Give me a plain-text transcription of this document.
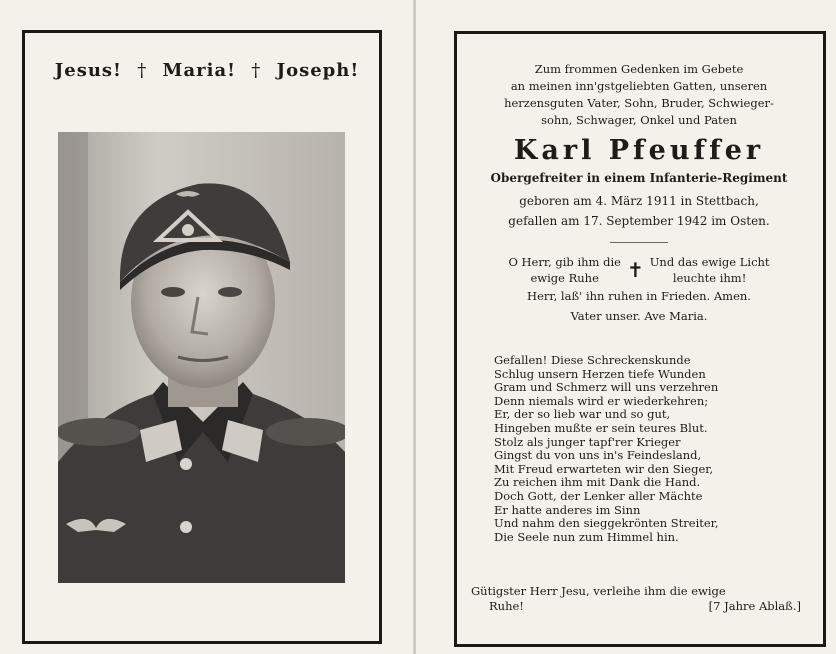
Jesus! † Maria! † Joseph!	Zum frommen Gedenken im Gebete
an meinen inn'gstgeliebten Gatten, unseren
herzensguten Vater, Sohn, Bruder, Schwieger-
sohn, Schwager, Onkel und Paten
Karl Pfeuffer
Obergefreiter in einem Infanterie-Regiment
geboren am 4. März 1911 in Stettbach,
gefallen am 17. September 1942 im Osten.
O Herr, gib ihm die
ewige Ruhe	✝ Und das ewige Licht
leuchte ihm!
Herr, laß' ihn ruhen in Frieden. Amen.
Vater unser. Ave Maria.
Gefallen! Diese Schreckenskunde
Schlug unsern Herzen tiefe Wunden
Gram und Schmerz will uns verzehren
Denn niemals wird er wiederkehren;
Er, der so lieb war und so gut,
Hingeben mußte er sein teures Blut.
Stolz als junger tapf'rer Krieger
Gingst du von uns in's Feindesland,
Mit Freud erwarteten wir den Sieger,
Zu reichen ihm mit Dank die Hand.
Doch Gott, der Lenker aller Mächte
Er hatte anderes im Sinn
Und nahm den sieggekrönten Streiter,
Die Seele nun zum Himmel hin.
Gütigster Herr Jesu, verleihe ihm die ewige
Ruhe!	[7 Jahre Ablaß.]
